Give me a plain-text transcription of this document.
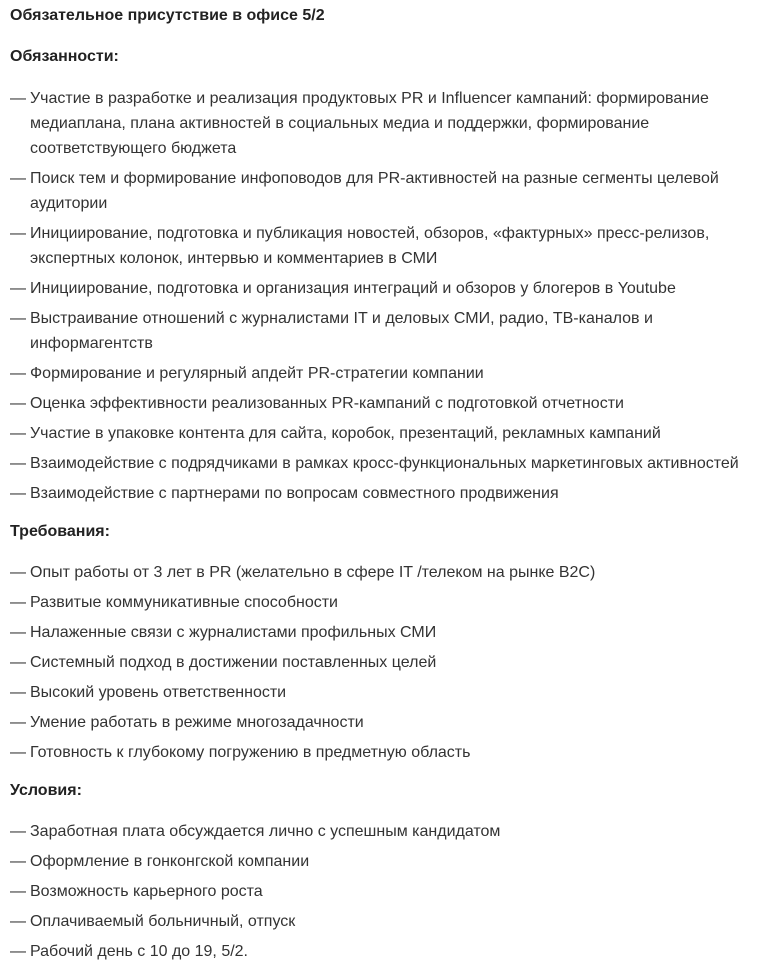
Обязательное присутствие в офисе 5/2

Обязанности:

— Участие в разработке и реализация продуктовых PR и Influencer кампаний: формирование медиаплана, плана активностей в социальных медиа и поддержки, формирование соответствующего бюджета
— Поиск тем и формирование инфоповодов для PR-активностей на разные сегменты целевой аудитории
— Инициирование, подготовка и публикация новостей, обзоров, «фактурных» пресс-релизов, экспертных колонок, интервью и комментариев в СМИ
— Инициирование, подготовка и организация интеграций и обзоров у блогеров в Youtube
— Выстраивание отношений с журналистами IT и деловых СМИ, радио, ТВ-каналов и информагентств
— Формирование и регулярный апдейт PR-стратегии компании
— Оценка эффективности реализованных PR-кампаний с подготовкой отчетности
— Участие в упаковке контента для сайта, коробок, презентаций, рекламных кампаний
— Взаимодействие с подрядчиками в рамках кросс-функциональных маркетинговых активностей
— Взаимодействие с партнерами по вопросам совместного продвижения

Требования:

— Опыт работы от 3 лет в PR (желательно в сфере IT /телеком на рынке B2C)
— Развитые коммуникативные способности
— Налаженные связи с журналистами профильных СМИ
— Системный подход в достижении поставленных целей
— Высокий уровень ответственности
— Умение работать в режиме многозадачности
— Готовность к глубокому погружению в предметную область

Условия:

— Заработная плата обсуждается лично с успешным кандидатом
— Оформление в гонконгской компании
— Возможность карьерного роста
— Оплачиваемый больничный, отпуск
— Рабочий день с 10 до 19, 5/2.
